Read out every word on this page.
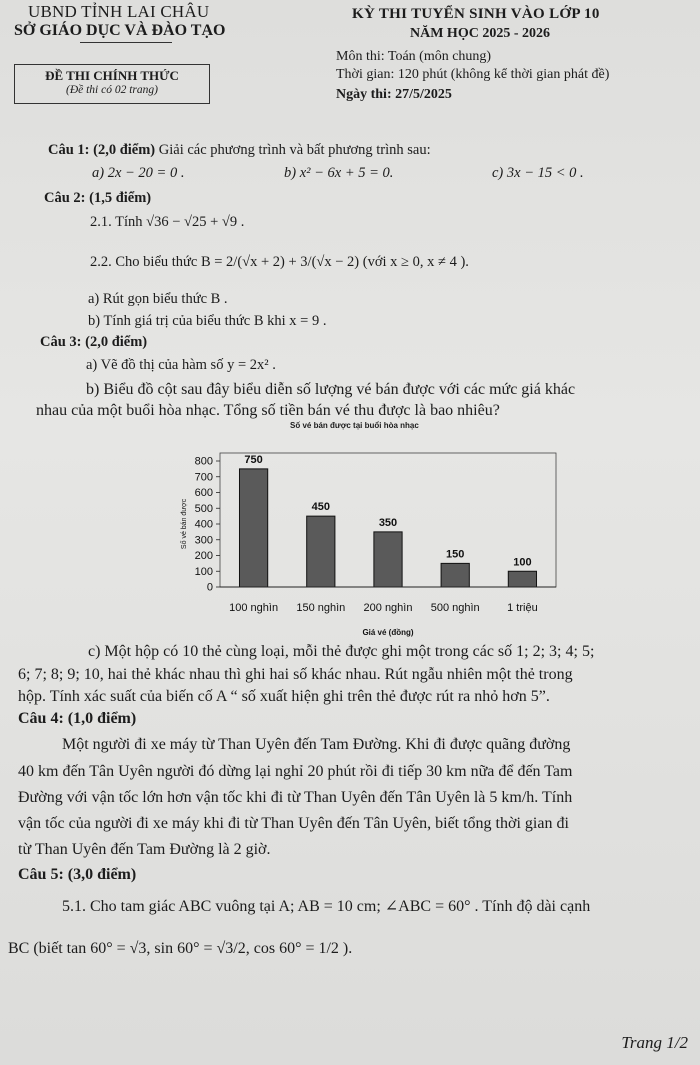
UBND TỈNH LAI CHÂU
SỞ GIÁO DỤC VÀ ĐÀO TẠO
ĐỀ THI CHÍNH THỨC
(Đề thi có 02 trang)
KỲ THI TUYỂN SINH VÀO LỚP 10
NĂM HỌC 2025 - 2026
Môn thi: Toán (môn chung)
Thời gian: 120 phút (không kể thời gian phát đề)
Ngày thi: 27/5/2025
Câu 1: (2,0 điểm) Giải các phương trình và bất phương trình sau:
a) 2x − 20 = 0 .	b) x² − 6x + 5 = 0.	c) 3x − 15 < 0 .
Câu 2: (1,5 điểm)
2.1. Tính √36 − √25 + √9 .
2.2. Cho biểu thức B = 2/(√x + 2) + 3/(√x − 2) (với x ≥ 0, x ≠ 4 ).
a) Rút gọn biểu thức B .
b) Tính giá trị của biểu thức B khi x = 9 .
Câu 3: (2,0 điểm)
a) Vẽ đồ thị của hàm số y = 2x² .
b) Biểu đồ cột sau đây biểu diễn số lượng vé bán được với các mức giá khác
nhau của một buổi hòa nhạc. Tổng số tiền bán vé thu được là bao nhiêu?
Số vé bán được tại buổi hòa nhạc
0
100
200
300
400
500
600
700
800
Số vé bán được
750
100 nghìn
450
150 nghìn
350
200 nghìn
150
500 nghìn
100
1 triệu
Giá vé (đồng)
c) Một hộp có 10 thẻ cùng loại, mỗi thẻ được ghi một trong các số 1; 2; 3; 4; 5;
6; 7; 8; 9; 10, hai thẻ khác nhau thì ghi hai số khác nhau. Rút ngẫu nhiên một thẻ trong
hộp. Tính xác suất của biến cố A “ số xuất hiện ghi trên thẻ được rút ra nhỏ hơn 5”.
Câu 4: (1,0 điểm)
Một người đi xe máy từ Than Uyên đến Tam Đường. Khi đi được quãng đường
40 km đến Tân Uyên người đó dừng lại nghỉ 20 phút rồi đi tiếp 30 km nữa để đến Tam
Đường với vận tốc lớn hơn vận tốc khi đi từ Than Uyên đến Tân Uyên là 5 km/h. Tính
vận tốc của người đi xe máy khi đi từ Than Uyên đến Tân Uyên, biết tổng thời gian đi
từ Than Uyên đến Tam Đường là 2 giờ.
Câu 5: (3,0 điểm)
5.1. Cho tam giác ABC vuông tại A; AB = 10 cm; ∠ABC = 60° . Tính độ dài cạnh
BC (biết tan 60° = √3, sin 60° = √3/2, cos 60° = 1/2 ).
Trang 1/2
